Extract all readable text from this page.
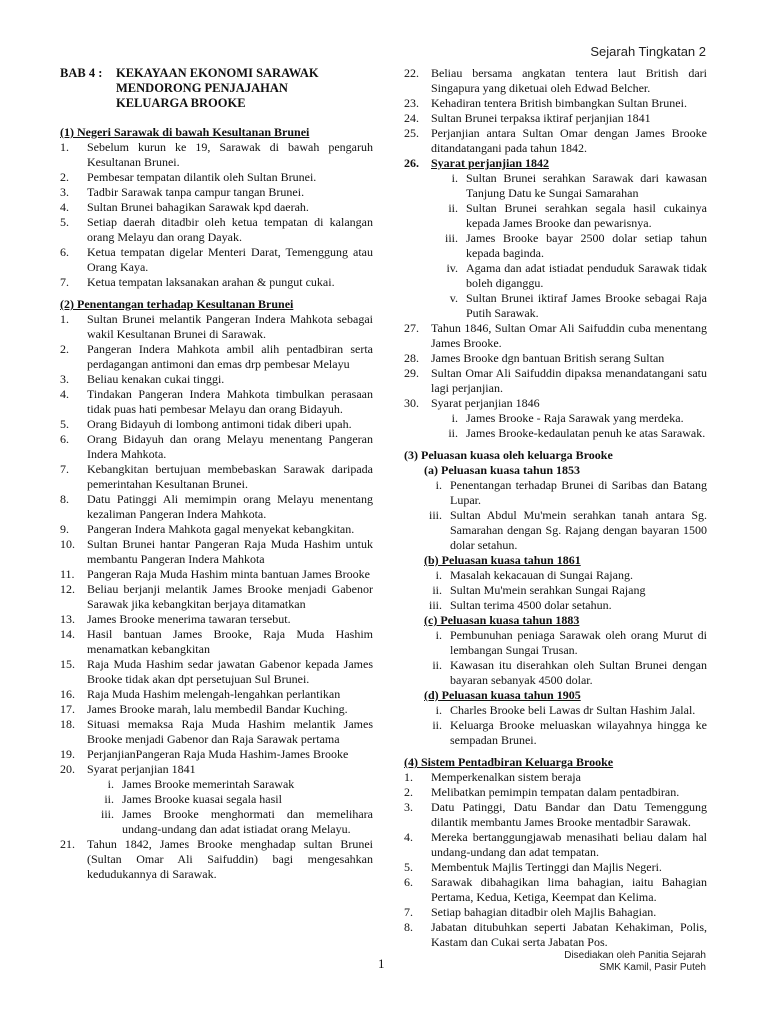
Sejarah Tingkatan 2
BAB 4 :	KEKAYAAN EKONOMI SARAWAK
MENDORONG PENJAJAHAN
KELUARGA BROOKE
(1) Negeri Sarawak di bawah Kesultanan Brunei
1.	Sebelum kurun ke 19, Sarawak di bawah pengaruh Kesultanan Brunei.
2.	Pembesar tempatan dilantik oleh Sultan Brunei.
3.	Tadbir Sarawak tanpa campur tangan Brunei.
4.	Sultan Brunei bahagikan Sarawak kpd daerah.
5.	Setiap daerah ditadbir oleh ketua tempatan di kalangan orang Melayu dan orang Dayak.
6.	Ketua tempatan digelar Menteri Darat, Temenggung atau Orang Kaya.
7.	Ketua tempatan laksanakan arahan & pungut cukai.
(2) Penentangan terhadap Kesultanan Brunei
1.	Sultan Brunei melantik Pangeran Indera Mahkota sebagai wakil Kesultanan Brunei di Sarawak.
2.	Pangeran Indera Mahkota ambil alih pentadbiran serta perdagangan antimoni dan emas drp pembesar Melayu
3.	Beliau kenakan cukai tinggi.
4.	Tindakan Pangeran Indera Mahkota timbulkan perasaan tidak puas hati pembesar Melayu dan orang Bidayuh.
5.	Orang Bidayuh di lombong antimoni tidak diberi upah.
6.	Orang Bidayuh dan orang Melayu menentang Pangeran Indera Mahkota.
7.	Kebangkitan bertujuan membebaskan Sarawak daripada pemerintahan Kesultanan Brunei.
8.	Datu Patinggi Ali memimpin orang Melayu menentang kezaliman Pangeran Indera Mahkota.
9.	Pangeran Indera Mahkota gagal menyekat kebangkitan.
10.	Sultan Brunei hantar Pangeran Raja Muda Hashim untuk membantu Pangeran Indera Mahkota
11.	Pangeran Raja Muda Hashim minta bantuan James Brooke
12.	Beliau berjanji melantik James Brooke menjadi Gabenor Sarawak jika kebangkitan berjaya ditamatkan
13.	James Brooke menerima tawaran tersebut.
14.	Hasil bantuan James Brooke, Raja Muda Hashim menamatkan kebangkitan
15.	Raja Muda Hashim sedar jawatan Gabenor kepada James Brooke tidak akan dpt persetujuan Sul Brunei.
16.	Raja Muda Hashim melengah-lengahkan perlantikan
17.	James Brooke marah, lalu membedil Bandar Kuching.
18.	Situasi memaksa Raja Muda Hashim melantik James Brooke menjadi Gabenor dan Raja Sarawak pertama
19.	PerjanjianPangeran Raja Muda Hashim-James Brooke
20.	Syarat perjanjian 1841
i. James Brooke memerintah Sarawak
ii. James Brooke kuasai segala hasil
iii. James Brooke menghormati dan memelihara undang-undang dan adat istiadat orang Melayu.
21.	Tahun 1842, James Brooke menghadap sultan Brunei (Sultan Omar Ali Saifuddin) bagi mengesahkan kedudukannya di Sarawak.
22.	Beliau bersama angkatan tentera laut British dari Singapura yang diketuai oleh Edwad Belcher.
23.	Kehadiran tentera British bimbangkan Sultan Brunei.
24.	Sultan Brunei terpaksa iktiraf perjanjian 1841
25.	Perjanjian antara Sultan Omar dengan James Brooke ditandatangani pada tahun 1842.
26.	Syarat perjanjian 1842
i. Sultan Brunei serahkan Sarawak dari kawasan Tanjung Datu ke Sungai Samarahan
ii. Sultan Brunei serahkan segala hasil cukainya kepada James Brooke dan pewarisnya.
iii. James Brooke bayar 2500 dolar setiap tahun kepada baginda.
iv. Agama dan adat istiadat penduduk Sarawak tidak boleh diganggu.
v. Sultan Brunei iktiraf James Brooke sebagai Raja Putih Sarawak.
27.	Tahun 1846, Sultan Omar Ali Saifuddin cuba menentang James Brooke.
28.	James Brooke dgn bantuan British serang Sultan
29.	Sultan Omar Ali Saifuddin dipaksa menandatangani satu lagi perjanjian.
30.	Syarat perjanjian 1846
i. James Brooke - Raja Sarawak yang merdeka.
ii. James Brooke-kedaulatan penuh ke atas Sarawak.
(3) Peluasan kuasa oleh keluarga Brooke
(a) Peluasan kuasa tahun 1853
i. Penentangan terhadap Brunei di Saribas dan Batang Lupar.
iii. Sultan Abdul Mu'mein serahkan tanah antara Sg. Samarahan dengan Sg. Rajang dengan bayaran 1500 dolar setahun.
(b) Peluasan kuasa tahun 1861
i. Masalah kekacauan di Sungai Rajang.
ii. Sultan Mu'mein serahkan Sungai Rajang
iii. Sultan terima 4500 dolar setahun.
(c) Peluasan kuasa tahun 1883
i. Pembunuhan peniaga Sarawak oleh orang Murut di lembangan Sungai Trusan.
ii. Kawasan itu diserahkan oleh Sultan Brunei dengan bayaran sebanyak 4500 dolar.
(d) Peluasan kuasa tahun 1905
i. Charles Brooke beli Lawas dr Sultan Hashim Jalal.
ii. Keluarga Brooke meluaskan wilayahnya hingga ke sempadan Brunei.
(4) Sistem Pentadbiran Keluarga Brooke
1.	Memperkenalkan sistem beraja
2.	Melibatkan pemimpin tempatan dalam pentadbiran.
3.	Datu Patinggi, Datu Bandar dan Datu Temenggung dilantik membantu James Brooke mentadbir Sarawak.
4.	Mereka bertanggungjawab menasihati beliau dalam hal undang-undang dan adat tempatan.
5.	Membentuk Majlis Tertinggi dan Majlis Negeri.
6.	Sarawak dibahagikan lima bahagian, iaitu Bahagian Pertama, Kedua, Ketiga, Keempat dan Kelima.
7.	Setiap bahagian ditadbir oleh Majlis Bahagian.
8.	Jabatan ditubuhkan seperti Jabatan Kehakiman, Polis, Kastam dan Cukai serta Jabatan Pos.
1
Disediakan oleh Panitia Sejarah
SMK Kamil, Pasir Puteh
